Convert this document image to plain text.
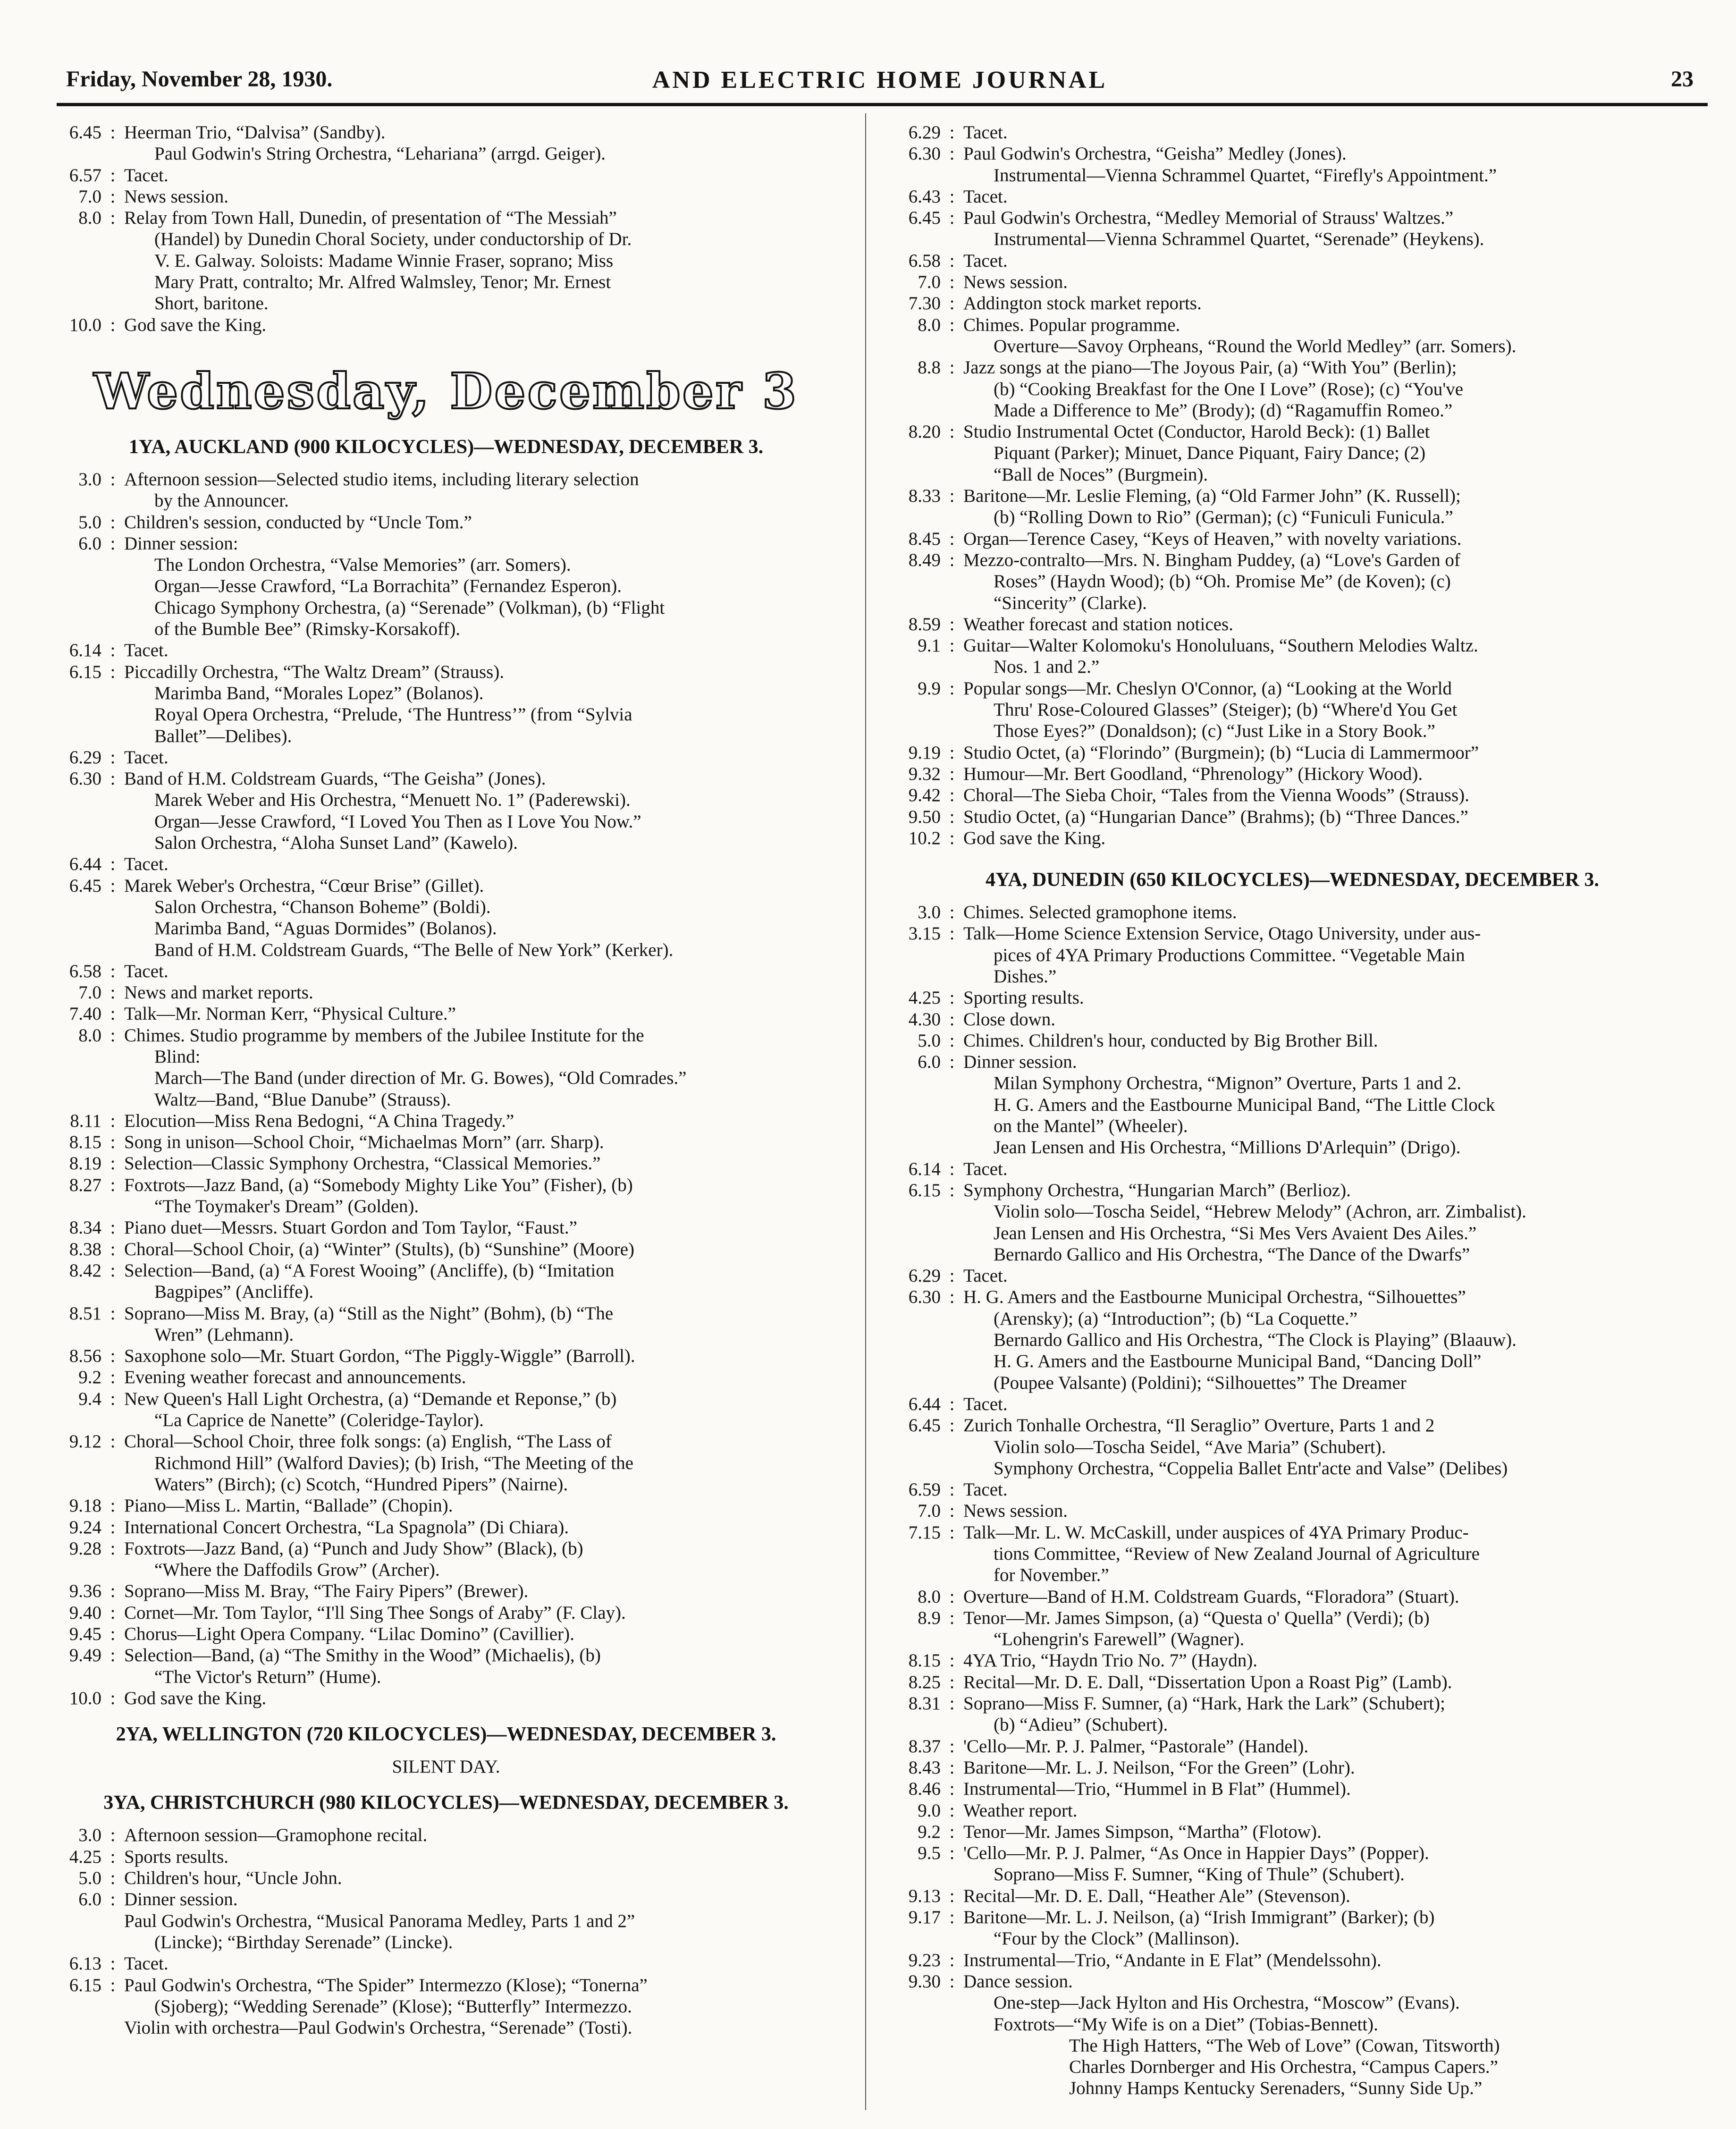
Friday, November 28, 1930.	AND ELECTRIC HOME JOURNAL	23
6.45 : Heerman Trio, “Dalvisa” (Sandby).
Paul Godwin's String Orchestra, “Lehariana” (arrgd. Geiger).
6.57 : Tacet.
7.0 : News session.
8.0 : Relay from Town Hall, Dunedin, of presentation of “The Messiah”
(Handel) by Dunedin Choral Society, under conductorship of Dr.
V. E. Galway. Soloists: Madame Winnie Fraser, soprano; Miss
Mary Pratt, contralto; Mr. Alfred Walmsley, Tenor; Mr. Ernest
Short, baritone.
10.0 : God save the King.
Wednesday, December 3
1YA, AUCKLAND (900 KILOCYCLES)—WEDNESDAY, DECEMBER 3.
3.0 : Afternoon session—Selected studio items, including literary selection
by the Announcer.
5.0 : Children's session, conducted by “Uncle Tom.”
6.0 : Dinner session:
The London Orchestra, “Valse Memories” (arr. Somers).
Organ—Jesse Crawford, “La Borrachita” (Fernandez Esperon).
Chicago Symphony Orchestra, (a) “Serenade” (Volkman), (b) “Flight
of the Bumble Bee” (Rimsky-Korsakoff).
6.14 : Tacet.
6.15 : Piccadilly Orchestra, “The Waltz Dream” (Strauss).
Marimba Band, “Morales Lopez” (Bolanos).
Royal Opera Orchestra, “Prelude, ‘The Huntress’” (from “Sylvia
Ballet”—Delibes).
6.29 : Tacet.
6.30 : Band of H.M. Coldstream Guards, “The Geisha” (Jones).
Marek Weber and His Orchestra, “Menuett No. 1” (Paderewski).
Organ—Jesse Crawford, “I Loved You Then as I Love You Now.”
Salon Orchestra, “Aloha Sunset Land” (Kawelo).
6.44 : Tacet.
6.45 : Marek Weber's Orchestra, “Cœur Brise” (Gillet).
Salon Orchestra, “Chanson Boheme” (Boldi).
Marimba Band, “Aguas Dormides” (Bolanos).
Band of H.M. Coldstream Guards, “The Belle of New York” (Kerker).
6.58 : Tacet.
7.0 : News and market reports.
7.40 : Talk—Mr. Norman Kerr, “Physical Culture.”
8.0 : Chimes. Studio programme by members of the Jubilee Institute for the
Blind:
March—The Band (under direction of Mr. G. Bowes), “Old Comrades.”
Waltz—Band, “Blue Danube” (Strauss).
8.11 : Elocution—Miss Rena Bedogni, “A China Tragedy.”
8.15 : Song in unison—School Choir, “Michaelmas Morn” (arr. Sharp).
8.19 : Selection—Classic Symphony Orchestra, “Classical Memories.”
8.27 : Foxtrots—Jazz Band, (a) “Somebody Mighty Like You” (Fisher), (b)
“The Toymaker's Dream” (Golden).
8.34 : Piano duet—Messrs. Stuart Gordon and Tom Taylor, “Faust.”
8.38 : Choral—School Choir, (a) “Winter” (Stults), (b) “Sunshine” (Moore)
8.42 : Selection—Band, (a) “A Forest Wooing” (Ancliffe), (b) “Imitation
Bagpipes” (Ancliffe).
8.51 : Soprano—Miss M. Bray, (a) “Still as the Night” (Bohm), (b) “The
Wren” (Lehmann).
8.56 : Saxophone solo—Mr. Stuart Gordon, “The Piggly-Wiggle” (Barroll).
9.2 : Evening weather forecast and announcements.
9.4 : New Queen's Hall Light Orchestra, (a) “Demande et Reponse,” (b)
“La Caprice de Nanette” (Coleridge-Taylor).
9.12 : Choral—School Choir, three folk songs: (a) English, “The Lass of
Richmond Hill” (Walford Davies); (b) Irish, “The Meeting of the
Waters” (Birch); (c) Scotch, “Hundred Pipers” (Nairne).
9.18 : Piano—Miss L. Martin, “Ballade” (Chopin).
9.24 : International Concert Orchestra, “La Spagnola” (Di Chiara).
9.28 : Foxtrots—Jazz Band, (a) “Punch and Judy Show” (Black), (b)
“Where the Daffodils Grow” (Archer).
9.36 : Soprano—Miss M. Bray, “The Fairy Pipers” (Brewer).
9.40 : Cornet—Mr. Tom Taylor, “I'll Sing Thee Songs of Araby” (F. Clay).
9.45 : Chorus—Light Opera Company. “Lilac Domino” (Cavillier).
9.49 : Selection—Band, (a) “The Smithy in the Wood” (Michaelis), (b)
“The Victor's Return” (Hume).
10.0 : God save the King.
2YA, WELLINGTON (720 KILOCYCLES)—WEDNESDAY, DECEMBER 3.
SILENT DAY.
3YA, CHRISTCHURCH (980 KILOCYCLES)—WEDNESDAY, DECEMBER 3.
3.0 : Afternoon session—Gramophone recital.
4.25 : Sports results.
5.0 : Children's hour, “Uncle John.
6.0 : Dinner session.
Paul Godwin's Orchestra, “Musical Panorama Medley, Parts 1 and 2”
(Lincke); “Birthday Serenade” (Lincke).
6.13 : Tacet.
6.15 : Paul Godwin's Orchestra, “The Spider” Intermezzo (Klose); “Tonerna”
(Sjoberg); “Wedding Serenade” (Klose); “Butterfly” Intermezzo.
Violin with orchestra—Paul Godwin's Orchestra, “Serenade” (Tosti).
6.29 : Tacet.
6.30 : Paul Godwin's Orchestra, “Geisha” Medley (Jones).
Instrumental—Vienna Schrammel Quartet, “Firefly's Appointment.”
6.43 : Tacet.
6.45 : Paul Godwin's Orchestra, “Medley Memorial of Strauss' Waltzes.”
Instrumental—Vienna Schrammel Quartet, “Serenade” (Heykens).
6.58 : Tacet.
7.0 : News session.
7.30 : Addington stock market reports.
8.0 : Chimes. Popular programme.
Overture—Savoy Orpheans, “Round the World Medley” (arr. Somers).
8.8 : Jazz songs at the piano—The Joyous Pair, (a) “With You” (Berlin);
(b) “Cooking Breakfast for the One I Love” (Rose); (c) “You've
Made a Difference to Me” (Brody); (d) “Ragamuffin Romeo.”
8.20 : Studio Instrumental Octet (Conductor, Harold Beck): (1) Ballet
Piquant (Parker); Minuet, Dance Piquant, Fairy Dance; (2)
“Ball de Noces” (Burgmein).
8.33 : Baritone—Mr. Leslie Fleming, (a) “Old Farmer John” (K. Russell);
(b) “Rolling Down to Rio” (German); (c) “Funiculi Funicula.”
8.45 : Organ—Terence Casey, “Keys of Heaven,” with novelty variations.
8.49 : Mezzo-contralto—Mrs. N. Bingham Puddey, (a) “Love's Garden of
Roses” (Haydn Wood); (b) “Oh. Promise Me” (de Koven); (c)
“Sincerity” (Clarke).
8.59 : Weather forecast and station notices.
9.1 : Guitar—Walter Kolomoku's Honoluluans, “Southern Melodies Waltz.
Nos. 1 and 2.”
9.9 : Popular songs—Mr. Cheslyn O'Connor, (a) “Looking at the World
Thru' Rose-Coloured Glasses” (Steiger); (b) “Where'd You Get
Those Eyes?” (Donaldson); (c) “Just Like in a Story Book.”
9.19 : Studio Octet, (a) “Florindo” (Burgmein); (b) “Lucia di Lammermoor”
9.32 : Humour—Mr. Bert Goodland, “Phrenology” (Hickory Wood).
9.42 : Choral—The Sieba Choir, “Tales from the Vienna Woods” (Strauss).
9.50 : Studio Octet, (a) “Hungarian Dance” (Brahms); (b) “Three Dances.”
10.2 : God save the King.
4YA, DUNEDIN (650 KILOCYCLES)—WEDNESDAY, DECEMBER 3.
3.0 : Chimes. Selected gramophone items.
3.15 : Talk—Home Science Extension Service, Otago University, under aus-
pices of 4YA Primary Productions Committee. “Vegetable Main
Dishes.”
4.25 : Sporting results.
4.30 : Close down.
5.0 : Chimes. Children's hour, conducted by Big Brother Bill.
6.0 : Dinner session.
Milan Symphony Orchestra, “Mignon” Overture, Parts 1 and 2.
H. G. Amers and the Eastbourne Municipal Band, “The Little Clock
on the Mantel” (Wheeler).
Jean Lensen and His Orchestra, “Millions D'Arlequin” (Drigo).
6.14 : Tacet.
6.15 : Symphony Orchestra, “Hungarian March” (Berlioz).
Violin solo—Toscha Seidel, “Hebrew Melody” (Achron, arr. Zimbalist).
Jean Lensen and His Orchestra, “Si Mes Vers Avaient Des Ailes.”
Bernardo Gallico and His Orchestra, “The Dance of the Dwarfs”
6.29 : Tacet.
6.30 : H. G. Amers and the Eastbourne Municipal Orchestra, “Silhouettes”
(Arensky); (a) “Introduction”; (b) “La Coquette.”
Bernardo Gallico and His Orchestra, “The Clock is Playing” (Blaauw).
H. G. Amers and the Eastbourne Municipal Band, “Dancing Doll”
(Poupee Valsante) (Poldini); “Silhouettes” The Dreamer
6.44 : Tacet.
6.45 : Zurich Tonhalle Orchestra, “Il Seraglio” Overture, Parts 1 and 2
Violin solo—Toscha Seidel, “Ave Maria” (Schubert).
Symphony Orchestra, “Coppelia Ballet Entr'acte and Valse” (Delibes)
6.59 : Tacet.
7.0 : News session.
7.15 : Talk—Mr. L. W. McCaskill, under auspices of 4YA Primary Produc-
tions Committee, “Review of New Zealand Journal of Agriculture
for November.”
8.0 : Overture—Band of H.M. Coldstream Guards, “Floradora” (Stuart).
8.9 : Tenor—Mr. James Simpson, (a) “Questa o' Quella” (Verdi); (b)
“Lohengrin's Farewell” (Wagner).
8.15 : 4YA Trio, “Haydn Trio No. 7” (Haydn).
8.25 : Recital—Mr. D. E. Dall, “Dissertation Upon a Roast Pig” (Lamb).
8.31 : Soprano—Miss F. Sumner, (a) “Hark, Hark the Lark” (Schubert);
(b) “Adieu” (Schubert).
8.37 : 'Cello—Mr. P. J. Palmer, “Pastorale” (Handel).
8.43 : Baritone—Mr. L. J. Neilson, “For the Green” (Lohr).
8.46 : Instrumental—Trio, “Hummel in B Flat” (Hummel).
9.0 : Weather report.
9.2 : Tenor—Mr. James Simpson, “Martha” (Flotow).
9.5 : 'Cello—Mr. P. J. Palmer, “As Once in Happier Days” (Popper).
Soprano—Miss F. Sumner, “King of Thule” (Schubert).
9.13 : Recital—Mr. D. E. Dall, “Heather Ale” (Stevenson).
9.17 : Baritone—Mr. L. J. Neilson, (a) “Irish Immigrant” (Barker); (b)
“Four by the Clock” (Mallinson).
9.23 : Instrumental—Trio, “Andante in E Flat” (Mendelssohn).
9.30 : Dance session.
One-step—Jack Hylton and His Orchestra, “Moscow” (Evans).
Foxtrots—“My Wife is on a Diet” (Tobias-Bennett).
The High Hatters, “The Web of Love” (Cowan, Titsworth)
Charles Dornberger and His Orchestra, “Campus Capers.”
Johnny Hamps Kentucky Serenaders, “Sunny Side Up.”
